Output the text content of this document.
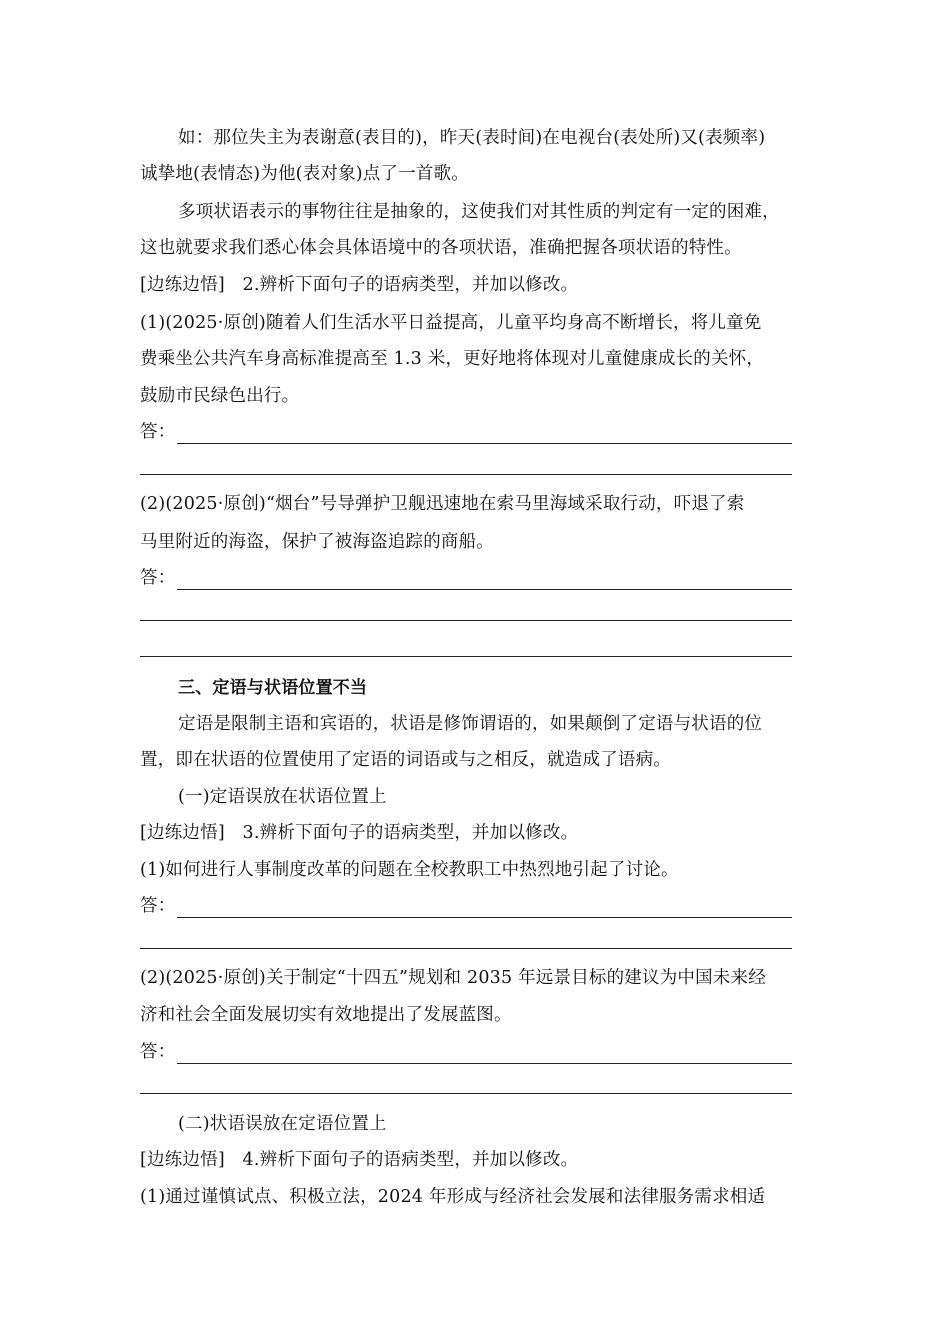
如：那位失主为表谢意(表目的)，昨天(表时间)在电视台(表处所)又(表频率)
诚挚地(表情态)为他(表对象)点了一首歌。
多项状语表示的事物往往是抽象的，这使我们对其性质的判定有一定的困难，
这也就要求我们悉心体会具体语境中的各项状语，准确把握各项状语的特性。
[边练边悟]　2.辨析下面句子的语病类型，并加以修改。
(1)(2025·原创)随着人们生活水平日益提高，儿童平均身高不断增长，将儿童免
费乘坐公共汽车身高标准提高至 1.3 米，更好地将体现对儿童健康成长的关怀，
鼓励市民绿色出行。
答：
(2)(2025·原创)“烟台”号导弹护卫舰迅速地在索马里海域采取行动，吓退了索
马里附近的海盗，保护了被海盗追踪的商船。
答：
三、定语与状语位置不当
定语是限制主语和宾语的，状语是修饰谓语的，如果颠倒了定语与状语的位
置，即在状语的位置使用了定语的词语或与之相反，就造成了语病。
(一)定语误放在状语位置上
[边练边悟]　3.辨析下面句子的语病类型，并加以修改。
(1)如何进行人事制度改革的问题在全校教职工中热烈地引起了讨论。
答：
(2)(2025·原创)关于制定“十四五”规划和 2035 年远景目标的建议为中国未来经
济和社会全面发展切实有效地提出了发展蓝图。
答：
(二)状语误放在定语位置上
[边练边悟]　4.辨析下面句子的语病类型，并加以修改。
(1)通过谨慎试点、积极立法，2024 年形成与经济社会发展和法律服务需求相适
